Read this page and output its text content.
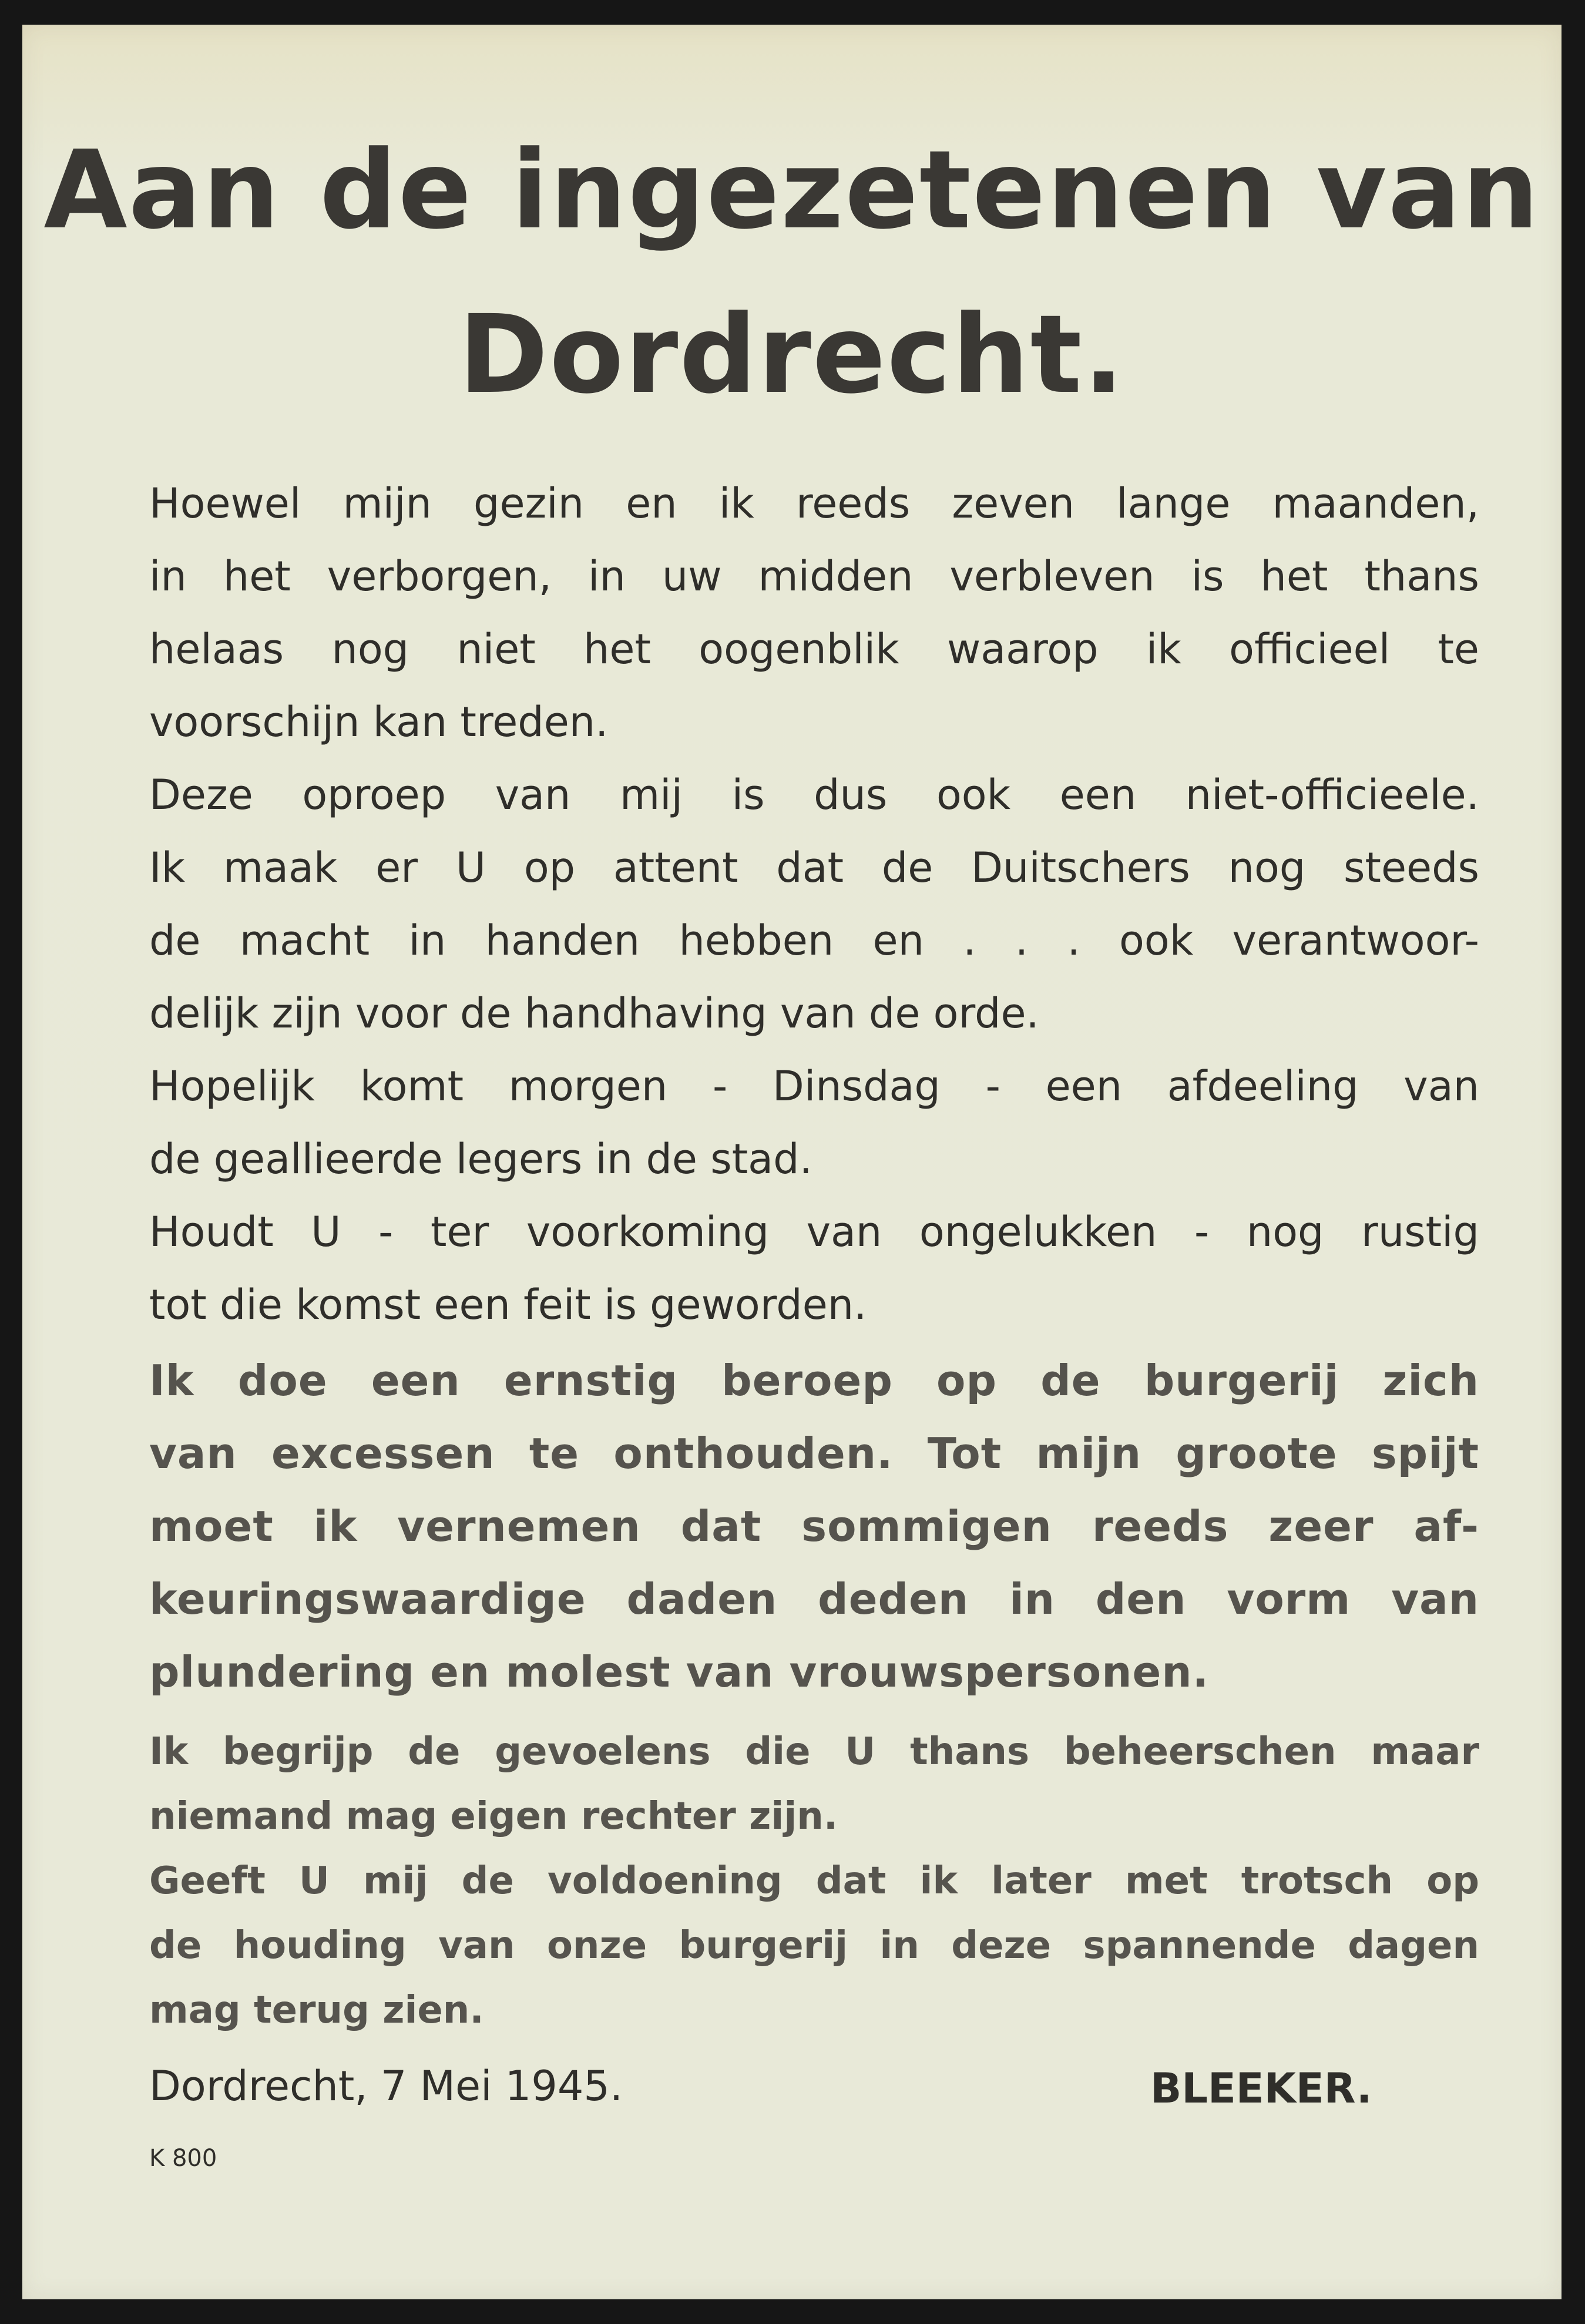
Aan de ingezetenen van
Dordrecht.
Hoewel mijn gezin en ik reeds zeven lange maanden,
in het verborgen, in uw midden verbleven is het thans
helaas nog niet het oogenblik waarop ik officieel te
voorschijn kan treden.
Deze oproep van mij is dus ook een niet-officieele.
Ik maak er U op attent dat de Duitschers nog steeds
de macht in handen hebben en . . . ook verantwoor-
delijk zijn voor de handhaving van de orde.
Hopelijk komt morgen - Dinsdag - een afdeeling van
de geallieerde legers in de stad.
Houdt U - ter voorkoming van ongelukken - nog rustig
tot die komst een feit is geworden.
Ik doe een ernstig beroep op de burgerij zich
van excessen te onthouden. Tot mijn groote spijt
moet ik vernemen dat sommigen reeds zeer af-
keuringswaardige daden deden in den vorm van
plundering en molest van vrouwspersonen.
Ik begrijp de gevoelens die U thans beheerschen maar
niemand mag eigen rechter zijn.
Geeft U mij de voldoening dat ik later met trotsch op
de houding van onze burgerij in deze spannende dagen
mag terug zien.
Dordrecht, 7 Mei 1945.	BLEEKER.
K 800
